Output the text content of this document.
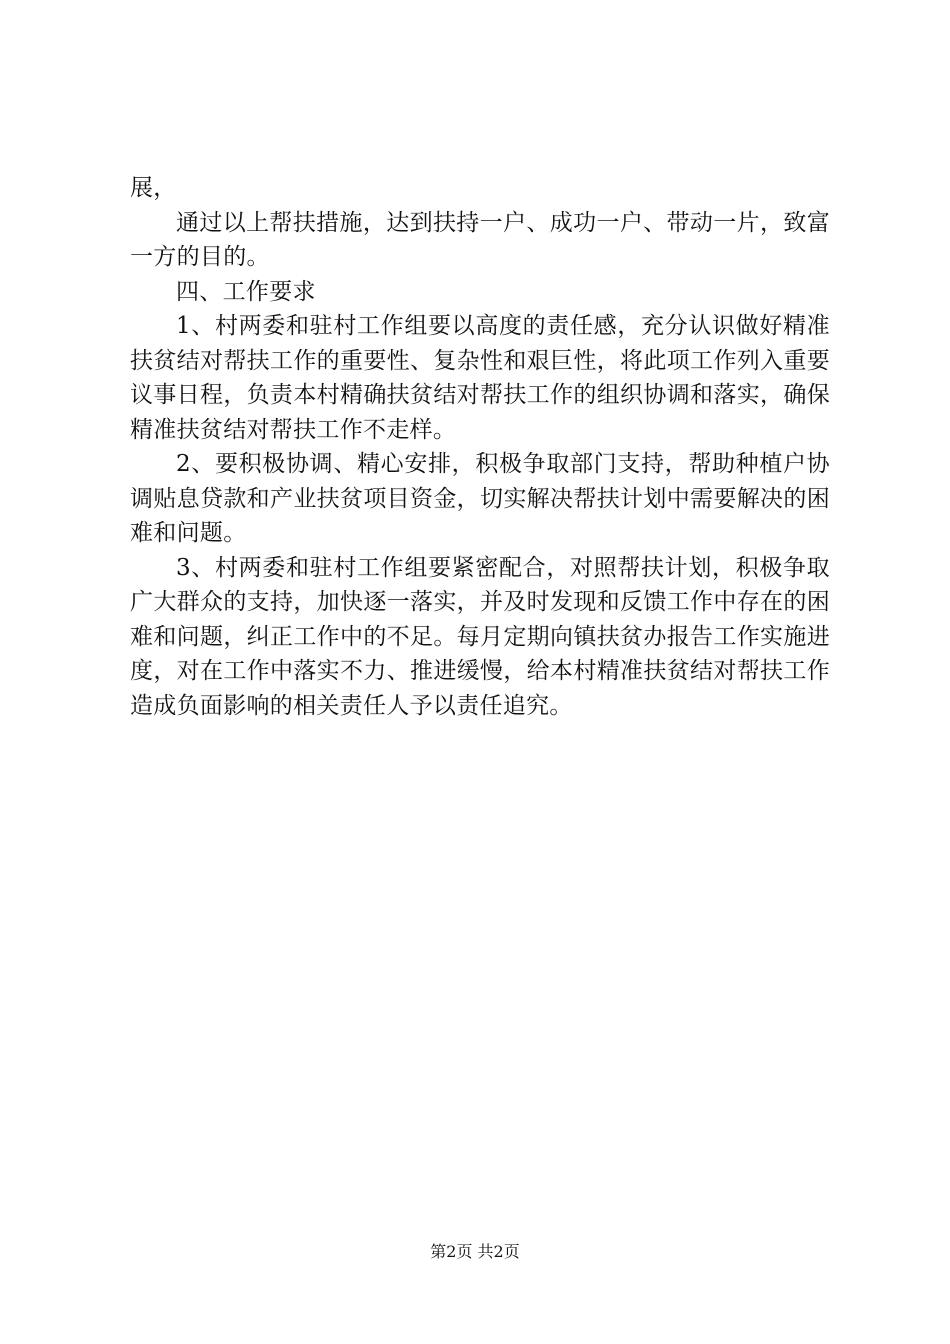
展，

通过以上帮扶措施，达到扶持一户、成功一户、带动一片，致富一方的目的。

四、工作要求

1、村两委和驻村工作组要以高度的责任感，充分认识做好精准扶贫结对帮扶工作的重要性、复杂性和艰巨性，将此项工作列入重要议事日程，负责本村精确扶贫结对帮扶工作的组织协调和落实，确保精准扶贫结对帮扶工作不走样。

2、要积极协调、精心安排，积极争取部门支持，帮助种植户协调贴息贷款和产业扶贫项目资金，切实解决帮扶计划中需要解决的困难和问题。

3、村两委和驻村工作组要紧密配合，对照帮扶计划，积极争取广大群众的支持，加快逐一落实，并及时发现和反馈工作中存在的困难和问题，纠正工作中的不足。每月定期向镇扶贫办报告工作实施进度，对在工作中落实不力、推进缓慢，给本村精准扶贫结对帮扶工作造成负面影响的相关责任人予以责任追究。

第2页 共2页
